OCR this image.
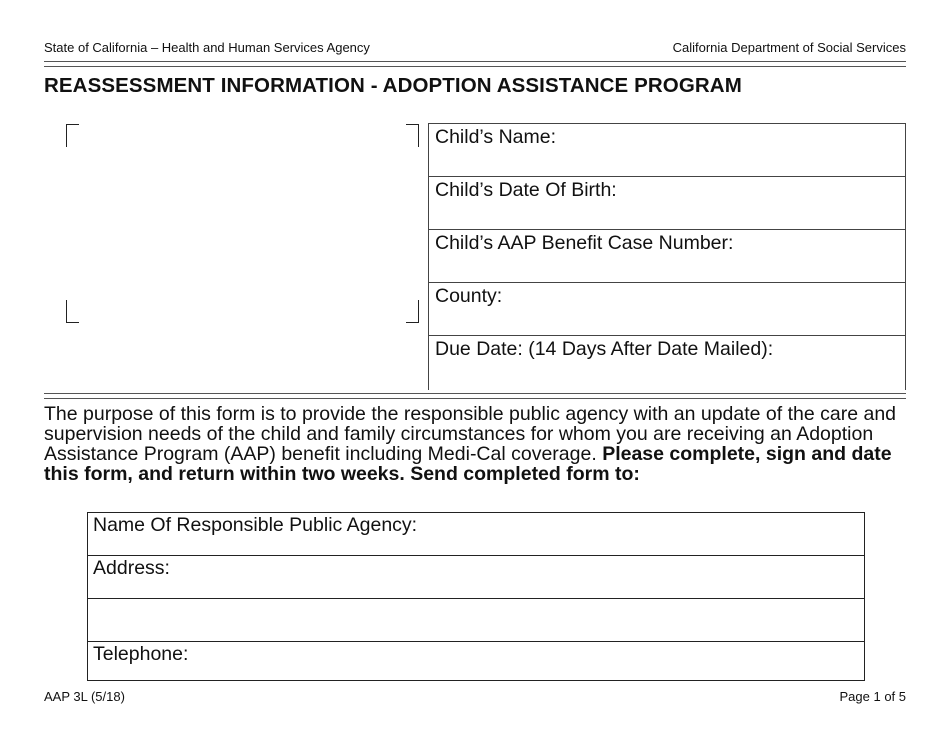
State of California – Health and Human Services Agency	California Department of Social Services
REASSESSMENT INFORMATION - ADOPTION ASSISTANCE PROGRAM
Child’s Name:
Child’s Date Of Birth:
Child’s AAP Benefit Case Number:
County:
Due Date: (14 Days After Date Mailed):
The purpose of this form is to provide the responsible public agency with an update of the care and supervision needs of the child and family circumstances for whom you are receiving an Adoption Assistance Program (AAP) benefit including Medi-Cal coverage. Please complete, sign and date this form, and return within two weeks. Send completed form to:
Name Of Responsible Public Agency:
Address:
Telephone:
AAP 3L (5/18)	Page 1 of 5
